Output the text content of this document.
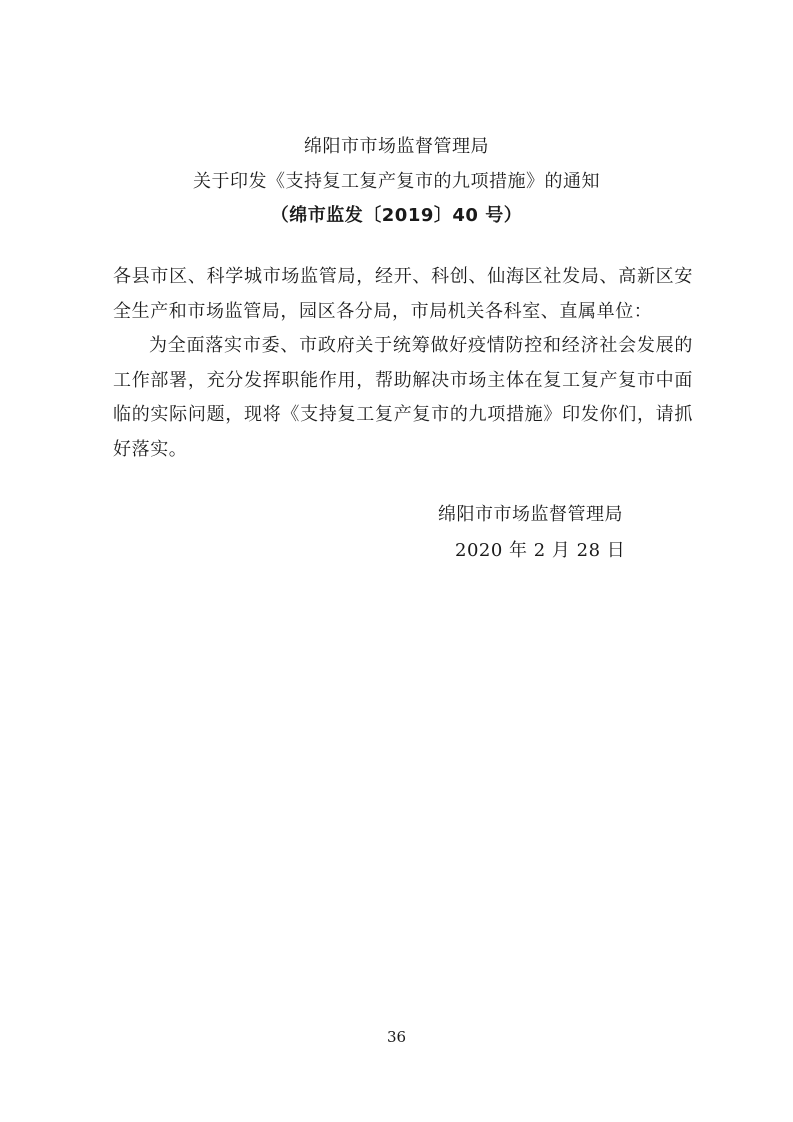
绵阳市市场监督管理局
关于印发《支持复工复产复市的九项措施》的通知
（绵市监发〔2019〕40 号）
各县市区、科学城市场监管局，经开、科创、仙海区社发局、高新区安全生产和市场监管局，园区各分局，市局机关各科室、直属单位：
为全面落实市委、市政府关于统筹做好疫情防控和经济社会发展的工作部署，充分发挥职能作用，帮助解决市场主体在复工复产复市中面临的实际问题，现将《支持复工复产复市的九项措施》印发你们，请抓好落实。
绵阳市市场监督管理局
2020 年 2 月 28 日
36
